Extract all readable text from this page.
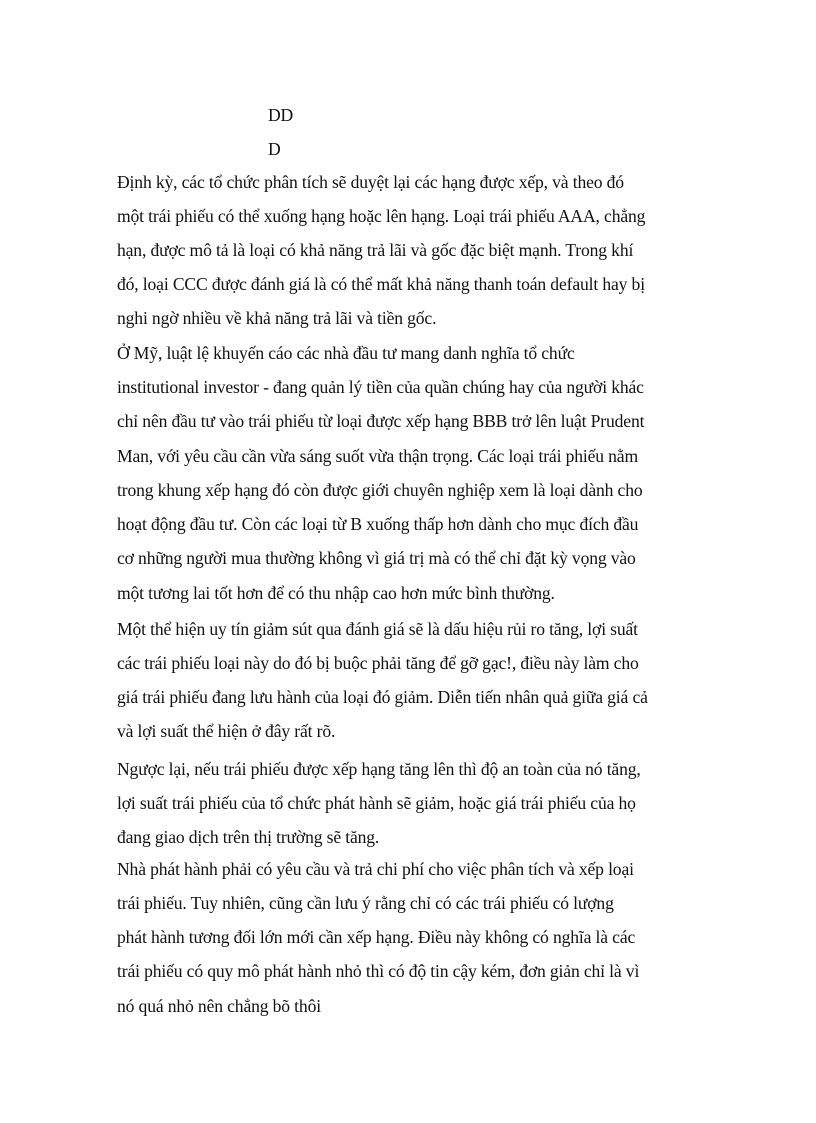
DD
D
Định kỳ, các tổ chức phân tích sẽ duyệt lại các hạng được xếp, và theo đó
một trái phiếu có thể xuống hạng hoặc lên hạng. Loại trái phiếu AAA, chẳng
hạn, được mô tả là loại có khả năng trả lãi và gốc đặc biệt mạnh. Trong khí
đó, loại CCC được đánh giá là có thể mất khả năng thanh toán default hay bị
nghi ngờ nhiều về khả năng trả lãi và tiền gốc.
Ở Mỹ, luật lệ khuyến cáo các nhà đầu tư mang danh nghĩa tổ chức
institutional investor - đang quản lý tiền của quần chúng hay của người khác
chỉ nên đầu tư vào trái phiếu từ loại được xếp hạng BBB trở lên luật Prudent
Man, với yêu cầu cần vừa sáng suốt vừa thận trọng. Các loại trái phiếu nằm
trong khung xếp hạng đó còn được giới chuyên nghiệp xem là loại dành cho
hoạt động đầu tư. Còn các loại từ B xuống thấp hơn dành cho mục đích đầu
cơ những người mua thường không vì giá trị mà có thể chỉ đặt kỳ vọng vào
một tương lai tốt hơn để có thu nhập cao hơn mức bình thường.
Một thể hiện uy tín giảm sút qua đánh giá sẽ là dấu hiệu rủi ro tăng, lợi suất
các trái phiếu loại này do đó bị buộc phải tăng để gỡ gạc!, điều này làm cho
giá trái phiếu đang lưu hành của loại đó giảm. Diễn tiến nhân quả giữa giá cả
và lợi suất thể hiện ở đây rất rõ.
Ngược lại, nếu trái phiếu được xếp hạng tăng lên thì độ an toàn của nó tăng,
lợi suất trái phiếu của tổ chức phát hành sẽ giảm, hoặc giá trái phiếu của họ
đang giao dịch trên thị trường sẽ tăng.
Nhà phát hành phải có yêu cầu và trả chi phí cho việc phân tích và xếp loại
trái phiếu. Tuy nhiên, cũng cần lưu ý rằng chỉ có các trái phiếu có lượng
phát hành tương đối lớn mới cần xếp hạng. Điều này không có nghĩa là các
trái phiếu có quy mô phát hành nhỏ thì có độ tin cậy kém, đơn giản chỉ là vì
nó quá nhỏ nên chẳng bõ thôi
